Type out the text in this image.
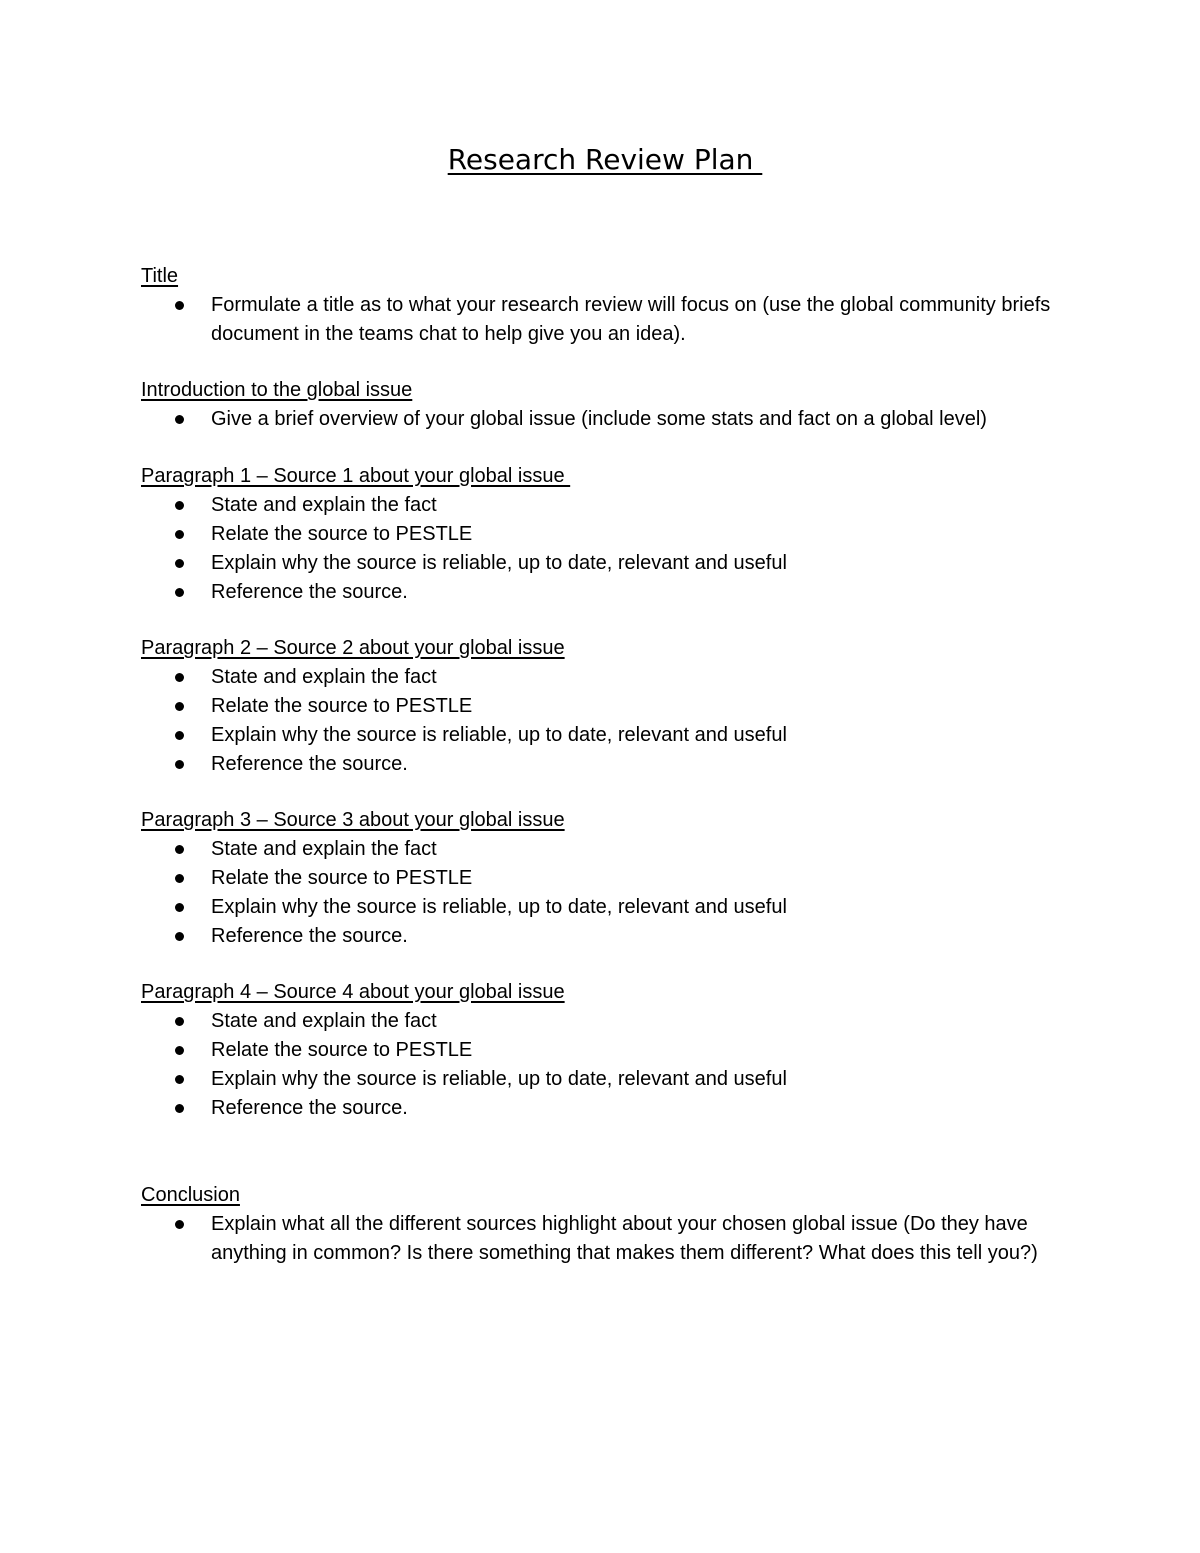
Research Review Plan
Title
Formulate a title as to what your research review will focus on (use the global community briefs document in the teams chat to help give you an idea).
Introduction to the global issue
Give a brief overview of your global issue (include some stats and fact on a global level)
Paragraph 1 – Source 1 about your global issue
State and explain the fact
Relate the source to PESTLE
Explain why the source is reliable, up to date, relevant and useful
Reference the source.
Paragraph 2 – Source 2 about your global issue
State and explain the fact
Relate the source to PESTLE
Explain why the source is reliable, up to date, relevant and useful
Reference the source.
Paragraph 3 – Source 3 about your global issue
State and explain the fact
Relate the source to PESTLE
Explain why the source is reliable, up to date, relevant and useful
Reference the source.
Paragraph 4 – Source 4 about your global issue
State and explain the fact
Relate the source to PESTLE
Explain why the source is reliable, up to date, relevant and useful
Reference the source.
Conclusion
Explain what all the different sources highlight about your chosen global issue (Do they have anything in common? Is there something that makes them different? What does this tell you?)
